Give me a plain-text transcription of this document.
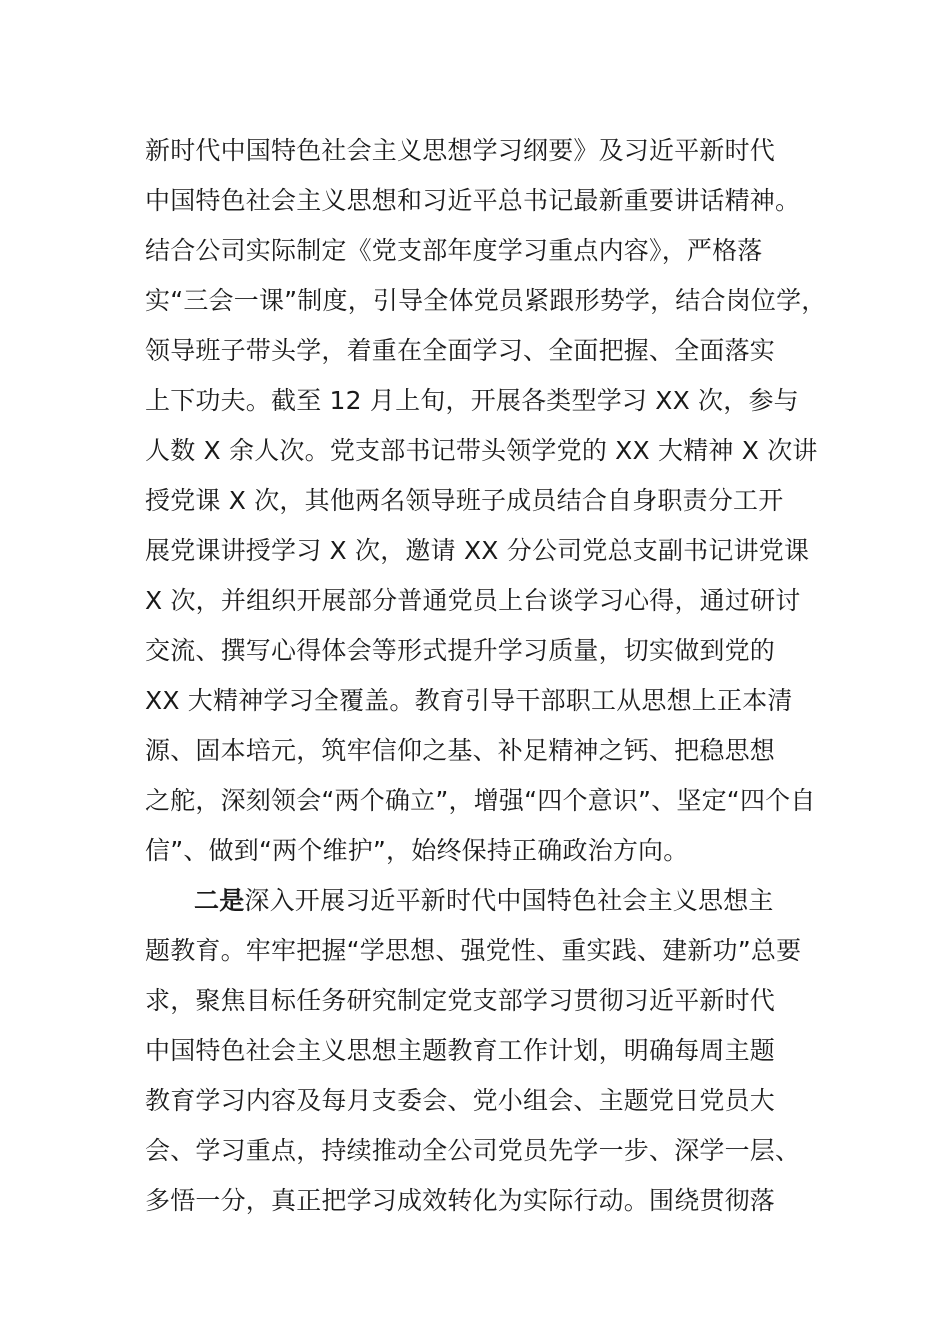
新时代中国特色社会主义思想学习纲要》及习近平新时代
中国特色社会主义思想和习近平总书记最新重要讲话精神。
结合公司实际制定《党支部年度学习重点内容》，严格落
实“三会一课”制度，引导全体党员紧跟形势学，结合岗位学，
领导班子带头学，着重在全面学习、全面把握、全面落实
上下功夫。截至 12 月上旬，开展各类型学习 XX 次，参与
人数 X 余人次。党支部书记带头领学党的 XX 大精神 X 次讲
授党课 X 次，其他两名领导班子成员结合自身职责分工开
展党课讲授学习 X 次，邀请 XX 分公司党总支副书记讲党课
X 次，并组织开展部分普通党员上台谈学习心得，通过研讨
交流、撰写心得体会等形式提升学习质量，切实做到党的
XX 大精神学习全覆盖。教育引导干部职工从思想上正本清
源、固本培元，筑牢信仰之基、补足精神之钙、把稳思想
之舵，深刻领会“两个确立”，增强“四个意识”、坚定“四个自
信”、做到“两个维护”，始终保持正确政治方向。
二是深入开展习近平新时代中国特色社会主义思想主
题教育。牢牢把握“学思想、强党性、重实践、建新功”总要
求，聚焦目标任务研究制定党支部学习贯彻习近平新时代
中国特色社会主义思想主题教育工作计划，明确每周主题
教育学习内容及每月支委会、党小组会、主题党日党员大
会、学习重点，持续推动全公司党员先学一步、深学一层、
多悟一分，真正把学习成效转化为实际行动。围绕贯彻落
